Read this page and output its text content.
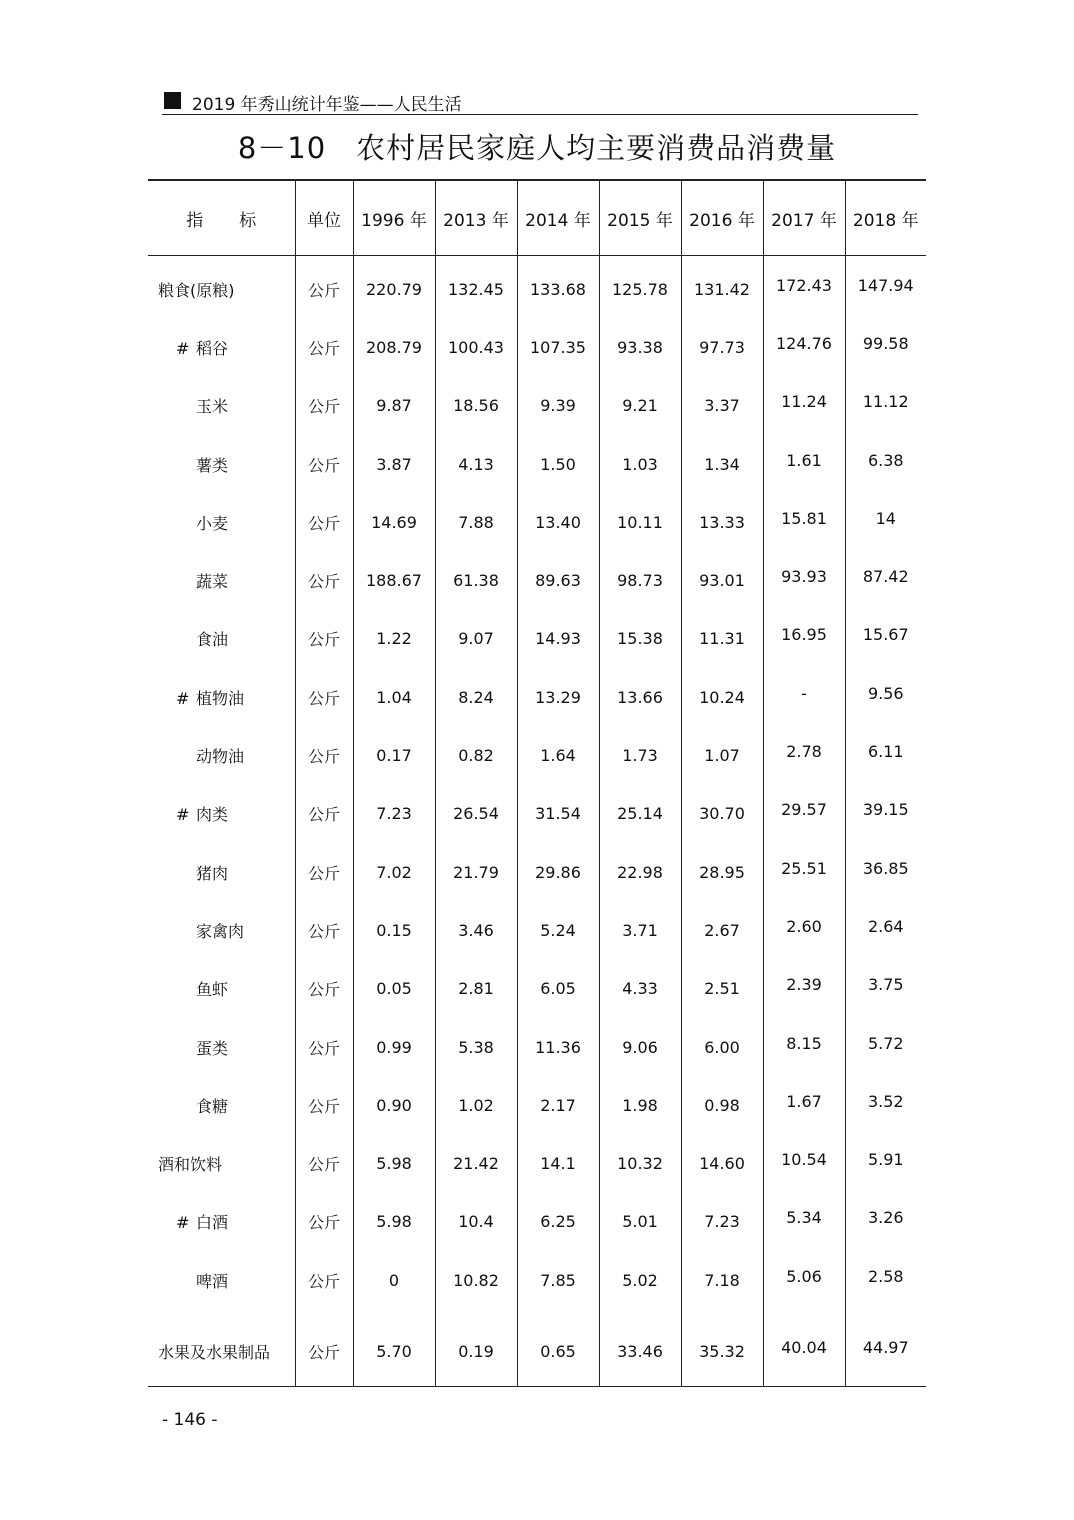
2019 年秀山统计年鉴——人民生活
8－10 农村居民家庭人均主要消费品消费量
指 标	单位	1996 年	2013 年	2014 年	2015 年	2016 年	2017 年	2018 年
粮食(原粮)	公斤	220.79	132.45	133.68	125.78	131.42	172.43	147.94
# 稻谷	公斤	208.79	100.43	107.35	93.38	97.73	124.76	99.58
玉米	公斤	9.87	18.56	9.39	9.21	3.37	11.24	11.12
薯类	公斤	3.87	4.13	1.50	1.03	1.34	1.61	6.38
小麦	公斤	14.69	7.88	13.40	10.11	13.33	15.81	14
蔬菜	公斤	188.67	61.38	89.63	98.73	93.01	93.93	87.42
食油	公斤	1.22	9.07	14.93	15.38	11.31	16.95	15.67
# 植物油	公斤	1.04	8.24	13.29	13.66	10.24	-	9.56
动物油	公斤	0.17	0.82	1.64	1.73	1.07	2.78	6.11
# 肉类	公斤	7.23	26.54	31.54	25.14	30.70	29.57	39.15
猪肉	公斤	7.02	21.79	29.86	22.98	28.95	25.51	36.85
家禽肉	公斤	0.15	3.46	5.24	3.71	2.67	2.60	2.64
鱼虾	公斤	0.05	2.81	6.05	4.33	2.51	2.39	3.75
蛋类	公斤	0.99	5.38	11.36	9.06	6.00	8.15	5.72
食糖	公斤	0.90	1.02	2.17	1.98	0.98	1.67	3.52
酒和饮料	公斤	5.98	21.42	14.1	10.32	14.60	10.54	5.91
# 白酒	公斤	5.98	10.4	6.25	5.01	7.23	5.34	3.26
啤酒	公斤	0	10.82	7.85	5.02	7.18	5.06	2.58
水果及水果制品	公斤	5.70	0.19	0.65	33.46	35.32	40.04	44.97
- 146 -
